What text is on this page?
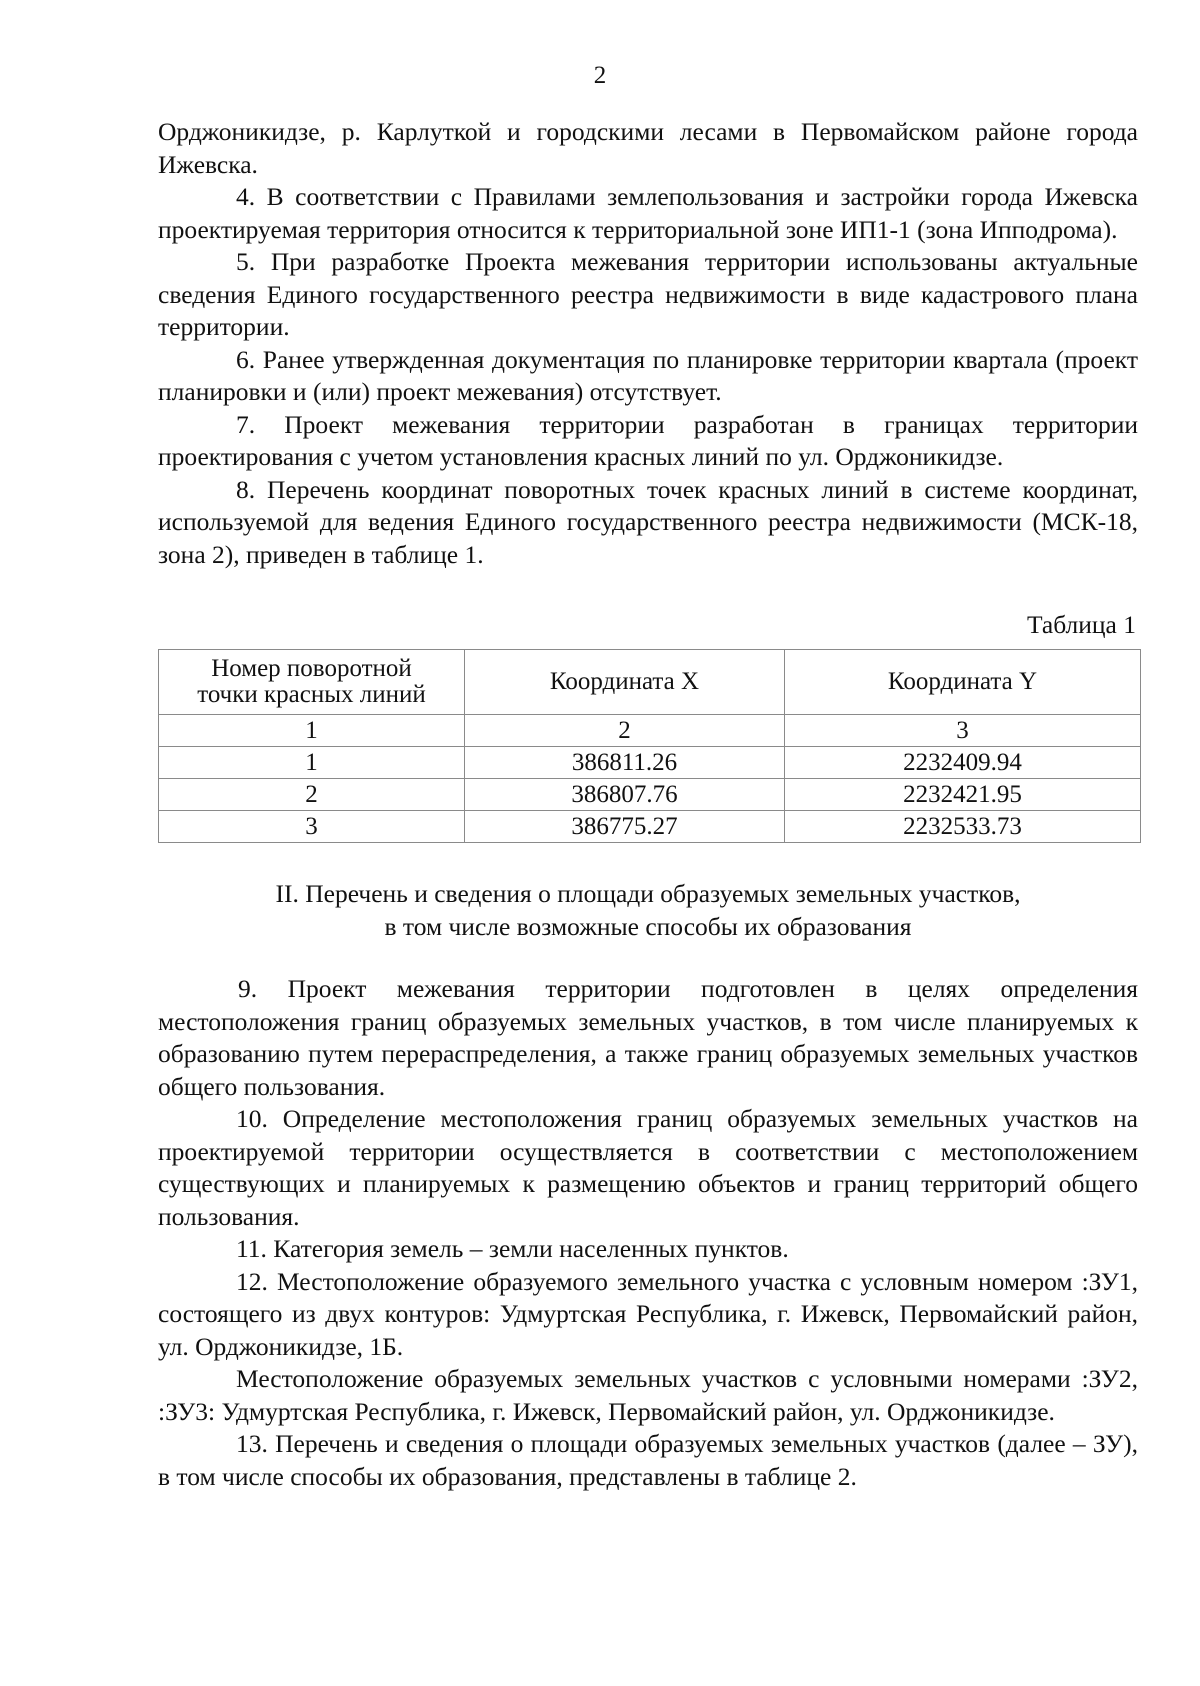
2

Орджоникидзе, р. Карлуткой и городскими лесами в Первомайском районе города Ижевска.

4. В соответствии с Правилами землепользования и застройки города Ижевска проектируемая территория относится к территориальной зоне ИП1-1 (зона Ипподрома).

5. При разработке Проекта межевания территории использованы актуальные сведения Единого государственного реестра недвижимости в виде кадастрового плана территории.

6. Ранее утвержденная документация по планировке территории квартала (проект планировки и (или) проект межевания) отсутствует.

7. Проект межевания территории разработан в границах территории проектирования с учетом установления красных линий по ул. Орджоникидзе.

8. Перечень координат поворотных точек красных линий в системе координат, используемой для ведения Единого государственного реестра недвижимости (МСК-18, зона 2), приведен в таблице 1.

Таблица 1
Номер поворотной точки красных линий	Координата X	Координата Y
1	2	3
1	386811.26	2232409.94
2	386807.76	2232421.95
3	386775.27	2232533.73
II. Перечень и сведения о площади образуемых земельных участков,
в том числе возможные способы их образования

9. Проект межевания территории подготовлен в целях определения местоположения границ образуемых земельных участков, в том числе планируемых к образованию путем перераспределения, а также границ образуемых земельных участков общего пользования.

10. Определение местоположения границ образуемых земельных участков на проектируемой территории осуществляется в соответствии с местоположением существующих и планируемых к размещению объектов и границ территорий общего пользования.

11. Категория земель – земли населенных пунктов.

12. Местоположение образуемого земельного участка с условным номером :ЗУ1, состоящего из двух контуров: Удмуртская Республика, г. Ижевск, Первомайский район, ул. Орджоникидзе, 1Б.

Местоположение образуемых земельных участков с условными номерами :ЗУ2, :ЗУ3: Удмуртская Республика, г. Ижевск, Первомайский район, ул. Орджоникидзе.

13. Перечень и сведения о площади образуемых земельных участков (далее – ЗУ), в том числе способы их образования, представлены в таблице 2.
